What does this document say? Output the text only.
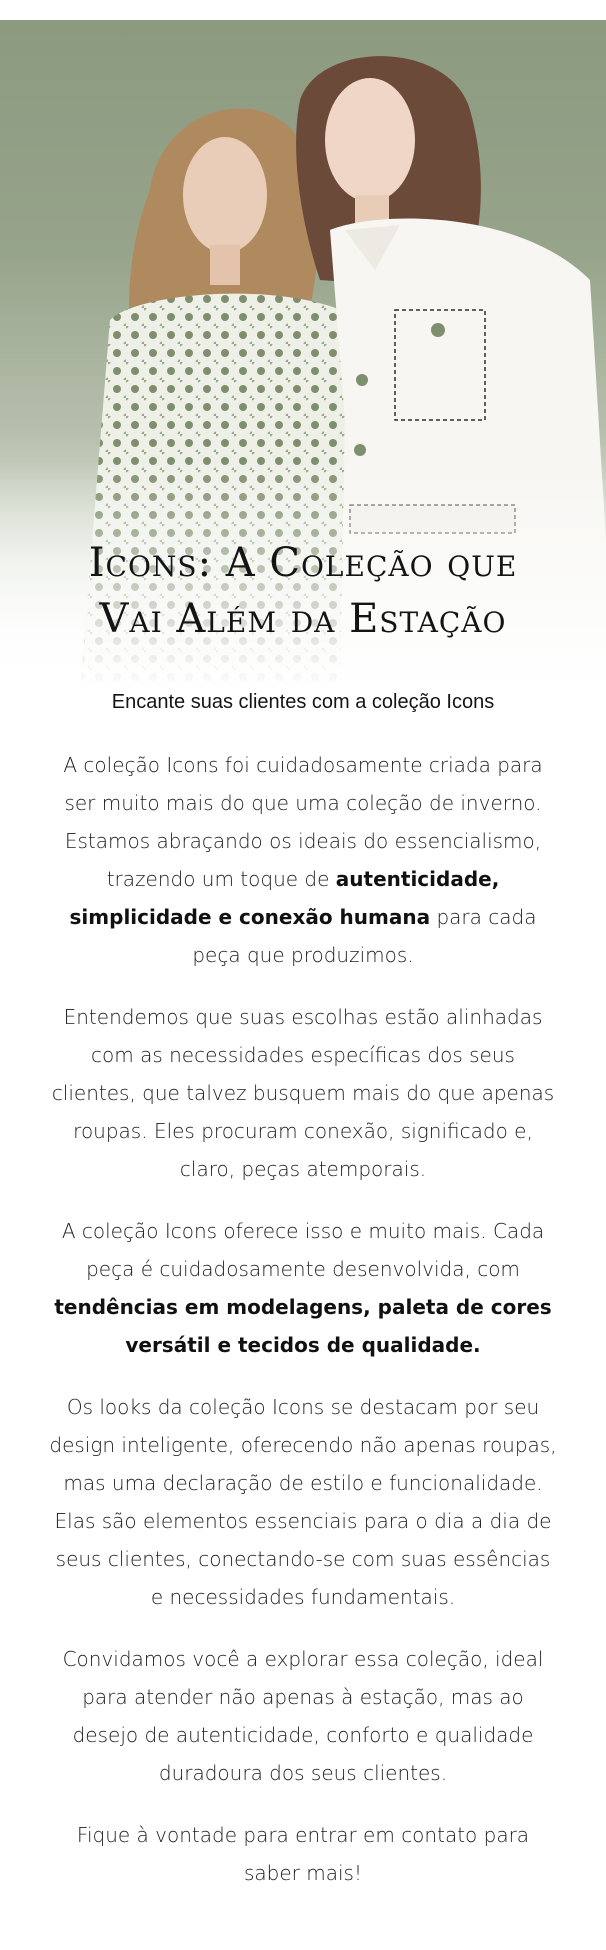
Icons: A Coleção que
Vai Além da Estação

Encante suas clientes com a coleção Icons

A coleção Icons foi cuidadosamente criada para ser muito mais do que uma coleção de inverno. Estamos abraçando os ideais do essencialismo, trazendo um toque de autenticidade, simplicidade e conexão humana para cada peça que produzimos.

Entendemos que suas escolhas estão alinhadas com as necessidades específicas dos seus clientes, que talvez busquem mais do que apenas roupas. Eles procuram conexão, significado e, claro, peças atemporais.

A coleção Icons oferece isso e muito mais. Cada peça é cuidadosamente desenvolvida, com tendências em modelagens, paleta de cores versátil e tecidos de qualidade.

Os looks da coleção Icons se destacam por seu design inteligente, oferecendo não apenas roupas, mas uma declaração de estilo e funcionalidade. Elas são elementos essenciais para o dia a dia de seus clientes, conectando-se com suas essências e necessidades fundamentais.

Convidamos você a explorar essa coleção, ideal para atender não apenas à estação, mas ao desejo de autenticidade, conforto e qualidade duradoura dos seus clientes.

Fique à vontade para entrar em contato para saber mais!
